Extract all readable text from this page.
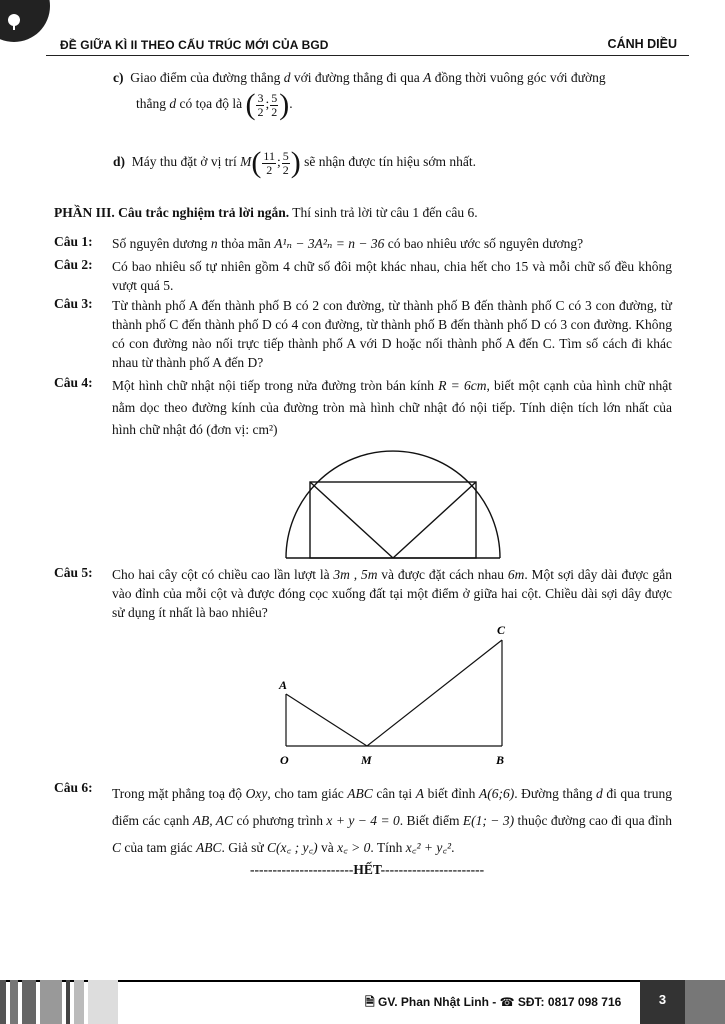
ĐỀ GIỮA KÌ II THEO CẤU TRÚC MỚI CỦA BGD	CÁNH DIỀU
c) Giao điểm của đường thẳng d với đường thẳng đi qua A đồng thời vuông góc với đường
thẳng d có tọa độ là ( $\frac{3}{2}$ ; $\frac{5}{2}$ ).
d) Máy thu đặt ở vị trí $M( \frac{11}{2}$ ; $\frac{5}{2}$ ) sẽ nhận được tín hiệu sớm nhất.
PHẦN III. Câu trắc nghiệm trả lời ngắn. Thí sinh trả lời từ câu 1 đến câu 6.
Câu 1: Số nguyên dương n thỏa mãn A¹ₙ − 3A²ₙ = n − 36 có bao nhiêu ước số nguyên dương?
Câu 2: Có bao nhiêu số tự nhiên gồm 4 chữ số đôi một khác nhau, chia hết cho 15 và mỗi chữ số đều không vượt quá 5.
Câu 3: Từ thành phố A đến thành phố B có 2 con đường, từ thành phố B đến thành phố C có 3 con đường, từ thành phố C đến thành phố D có 4 con đường, từ thành phố B đến thành phố D có 3 con đường. Không có con đường nào nối trực tiếp thành phố A với D hoặc nối thành phố A đến C. Tìm số cách đi khác nhau từ thành phố A đến D?
Câu 4: Một hình chữ nhật nội tiếp trong nửa đường tròn bán kính R = 6cm, biết một cạnh của hình chữ nhật nằm dọc theo đường kính của đường tròn mà hình chữ nhật đó nội tiếp. Tính diện tích lớn nhất của hình chữ nhật đó (đơn vị: cm²)
Câu 5: Cho hai cây cột có chiều cao lần lượt là 3m , 5m và được đặt cách nhau 6m. Một sợi dây dài được gắn vào đỉnh của mỗi cột và được đóng cọc xuống đất tại một điểm ở giữa hai cột. Chiều dài sợi dây được sử dụng ít nhất là bao nhiêu?
A
O	M	B
C
Câu 6: Trong mặt phẳng toạ độ Oxy, cho tam giác ABC cân tại A biết đỉnh A(6;6). Đường thẳng d đi qua trung điểm các cạnh AB, AC có phương trình x + y − 4 = 0. Biết điểm E(1; − 3) thuộc đường cao đi qua đỉnh C của tam giác ABC. Giả sử C(x꜀ ; y꜀) và x꜀ > 0. Tính x꜀² + y꜀².
-----------------------HẾT-----------------------
🗎 GV. Phan Nhật Linh - ☎ SĐT: 0817 098 716	3
